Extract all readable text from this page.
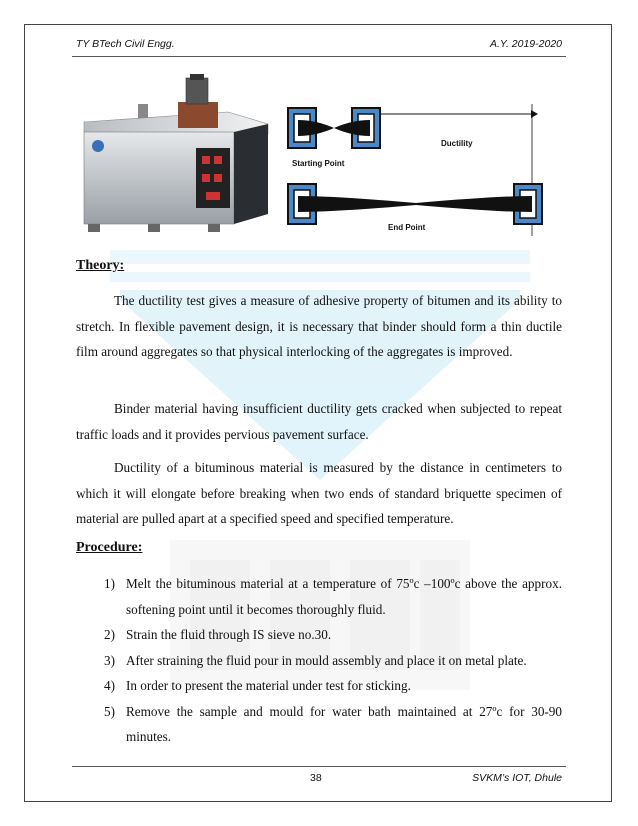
TY BTech Civil Engg.	A.Y. 2019-2020
Starting Point
Ductility
End Point
Theory:
The ductility test gives a measure of adhesive property of bitumen and its ability to stretch. In flexible pavement design, it is necessary that binder should form a thin ductile film around aggregates so that physical interlocking of the aggregates is improved.
Binder material having insufficient ductility gets cracked when subjected to repeat traffic loads and it provides pervious pavement surface.
Ductility of a bituminous material is measured by the distance in centimeters to which it will elongate before breaking when two ends of standard briquette specimen of material are pulled apart at a specified speed and specified temperature.
Procedure:
1) Melt the bituminous material at a temperature of 75ºc –100ºc above the approx. softening point until it becomes thoroughly fluid.
2) Strain the fluid through IS sieve no.30.
3) After straining the fluid pour in mould assembly and place it on metal plate.
4) In order to present the material under test for sticking.
5) Remove the sample and mould for water bath maintained at 27ºc for 30-90 minutes.
38	SVKM’s IOT, Dhule
